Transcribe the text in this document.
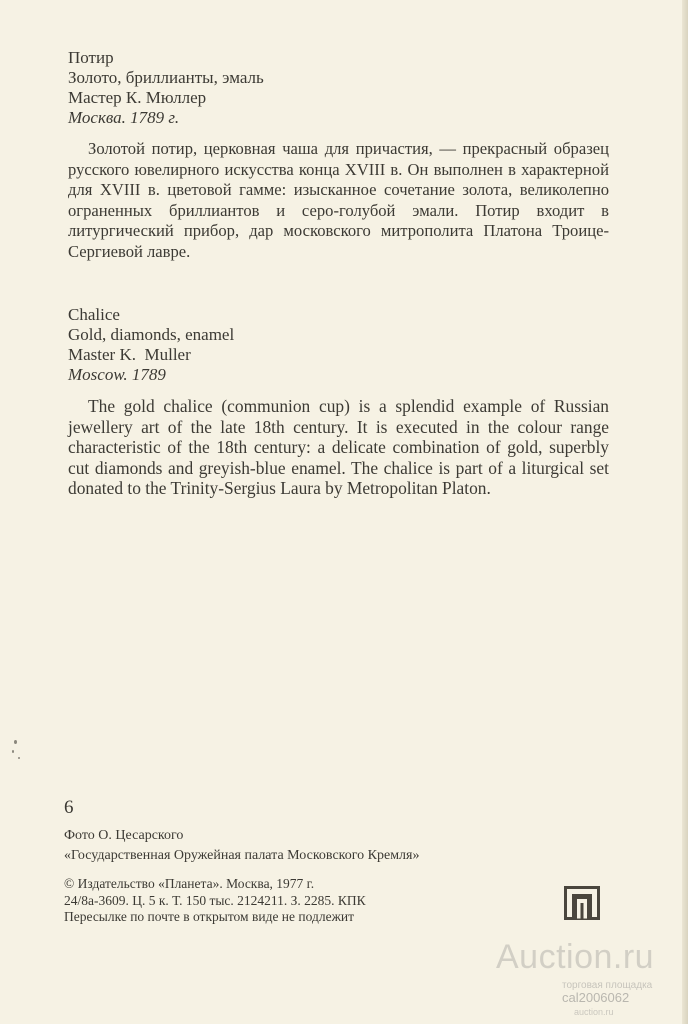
Потир
Золото, бриллианты, эмаль
Мастер К. Мюллер
Москва. 1789 г.
Золотой потир, церковная чаша для причастия, — прекрасный образец русского ювелирного искусства конца XVIII в. Он выполнен в характерной для XVIII в. цветовой гамме: изысканное сочетание золота, великолепно ограненных бриллиантов и серо-голубой эмали. Потир входит в литургический прибор, дар московского митрополита Платона Троице-Сергиевой лавре.
Chalice
Gold, diamonds, enamel
Master K.  Muller
Moscow. 1789
The gold chalice (communion cup) is a splendid example of Russian jewellery art of the late 18th century. It is executed in the colour range characteristic of the 18th century: a delicate combination of gold, superbly cut diamonds and greyish-blue enamel. The chalice is part of a liturgical set donated to the Trinity-Sergius Laura by Metropolitan Platon.
6
Фото О. Цесарского
«Государственная Оружейная палата Московского Кремля»
© Издательство «Планета». Москва, 1977 г.
24/8а-3609. Ц. 5 к. Т. 150 тыс. 2124211. З. 2285. КПК
Пересылке по почте в открытом виде не подлежит
Auction.ru
торговая площадка
cal2006062
auction.ru
